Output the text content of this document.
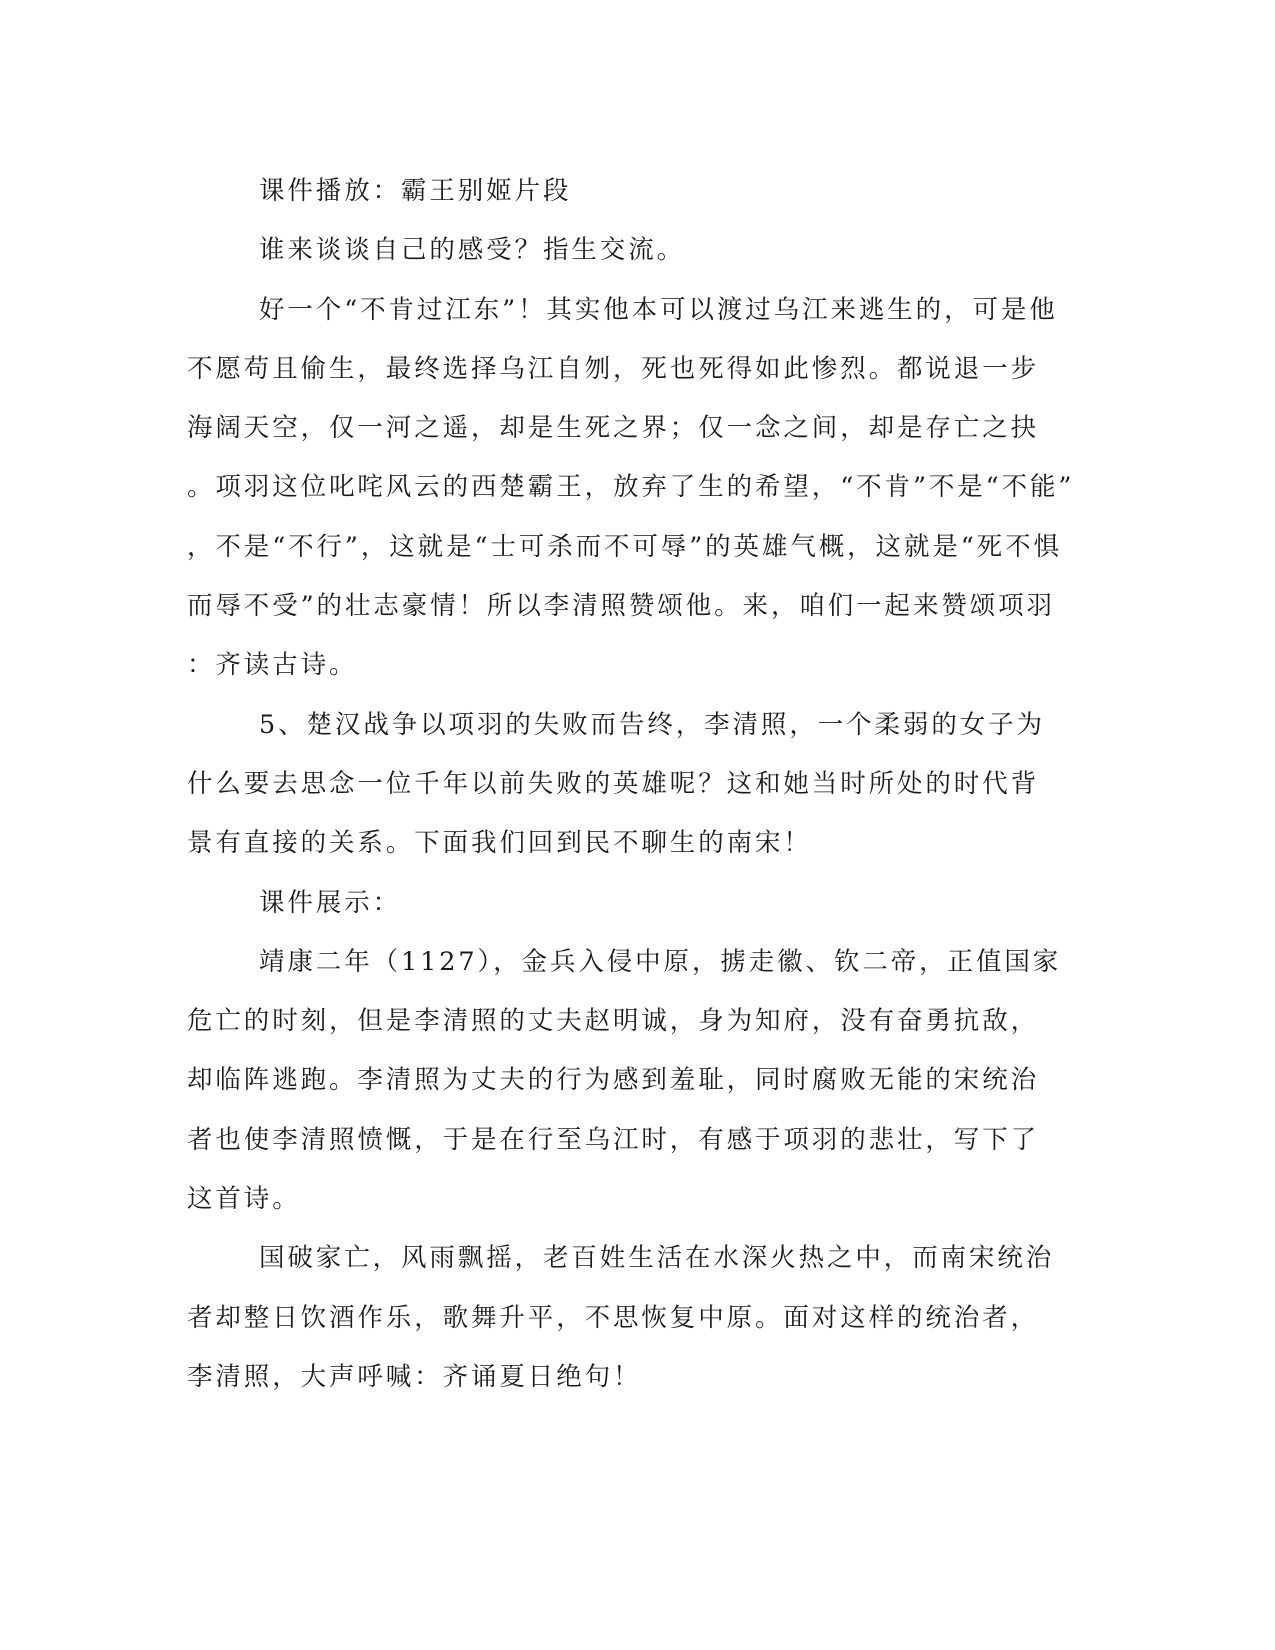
课件播放：霸王别姬片段
谁来谈谈自己的感受？指生交流。
好一个“不肯过江东”！其实他本可以渡过乌江来逃生的，可是他
不愿苟且偷生，最终选择乌江自刎，死也死得如此惨烈。都说退一步
海阔天空，仅一河之遥，却是生死之界；仅一念之间，却是存亡之抉
。项羽这位叱咤风云的西楚霸王，放弃了生的希望，“不肯”不是“不能”
，不是“不行”，这就是“士可杀而不可辱”的英雄气概，这就是“死不惧
而辱不受”的壮志豪情！所以李清照赞颂他。来，咱们一起来赞颂项羽
：齐读古诗。
5、楚汉战争以项羽的失败而告终，李清照，一个柔弱的女子为
什么要去思念一位千年以前失败的英雄呢？这和她当时所处的时代背
景有直接的关系。下面我们回到民不聊生的南宋！
课件展示：
靖康二年（1127），金兵入侵中原，掳走徽、钦二帝，正值国家
危亡的时刻，但是李清照的丈夫赵明诚，身为知府，没有奋勇抗敌，
却临阵逃跑。李清照为丈夫的行为感到羞耻，同时腐败无能的宋统治
者也使李清照愤慨，于是在行至乌江时，有感于项羽的悲壮，写下了
这首诗。
国破家亡，风雨飘摇，老百姓生活在水深火热之中，而南宋统治
者却整日饮酒作乐，歌舞升平，不思恢复中原。面对这样的统治者，
李清照，大声呼喊：齐诵夏日绝句！
